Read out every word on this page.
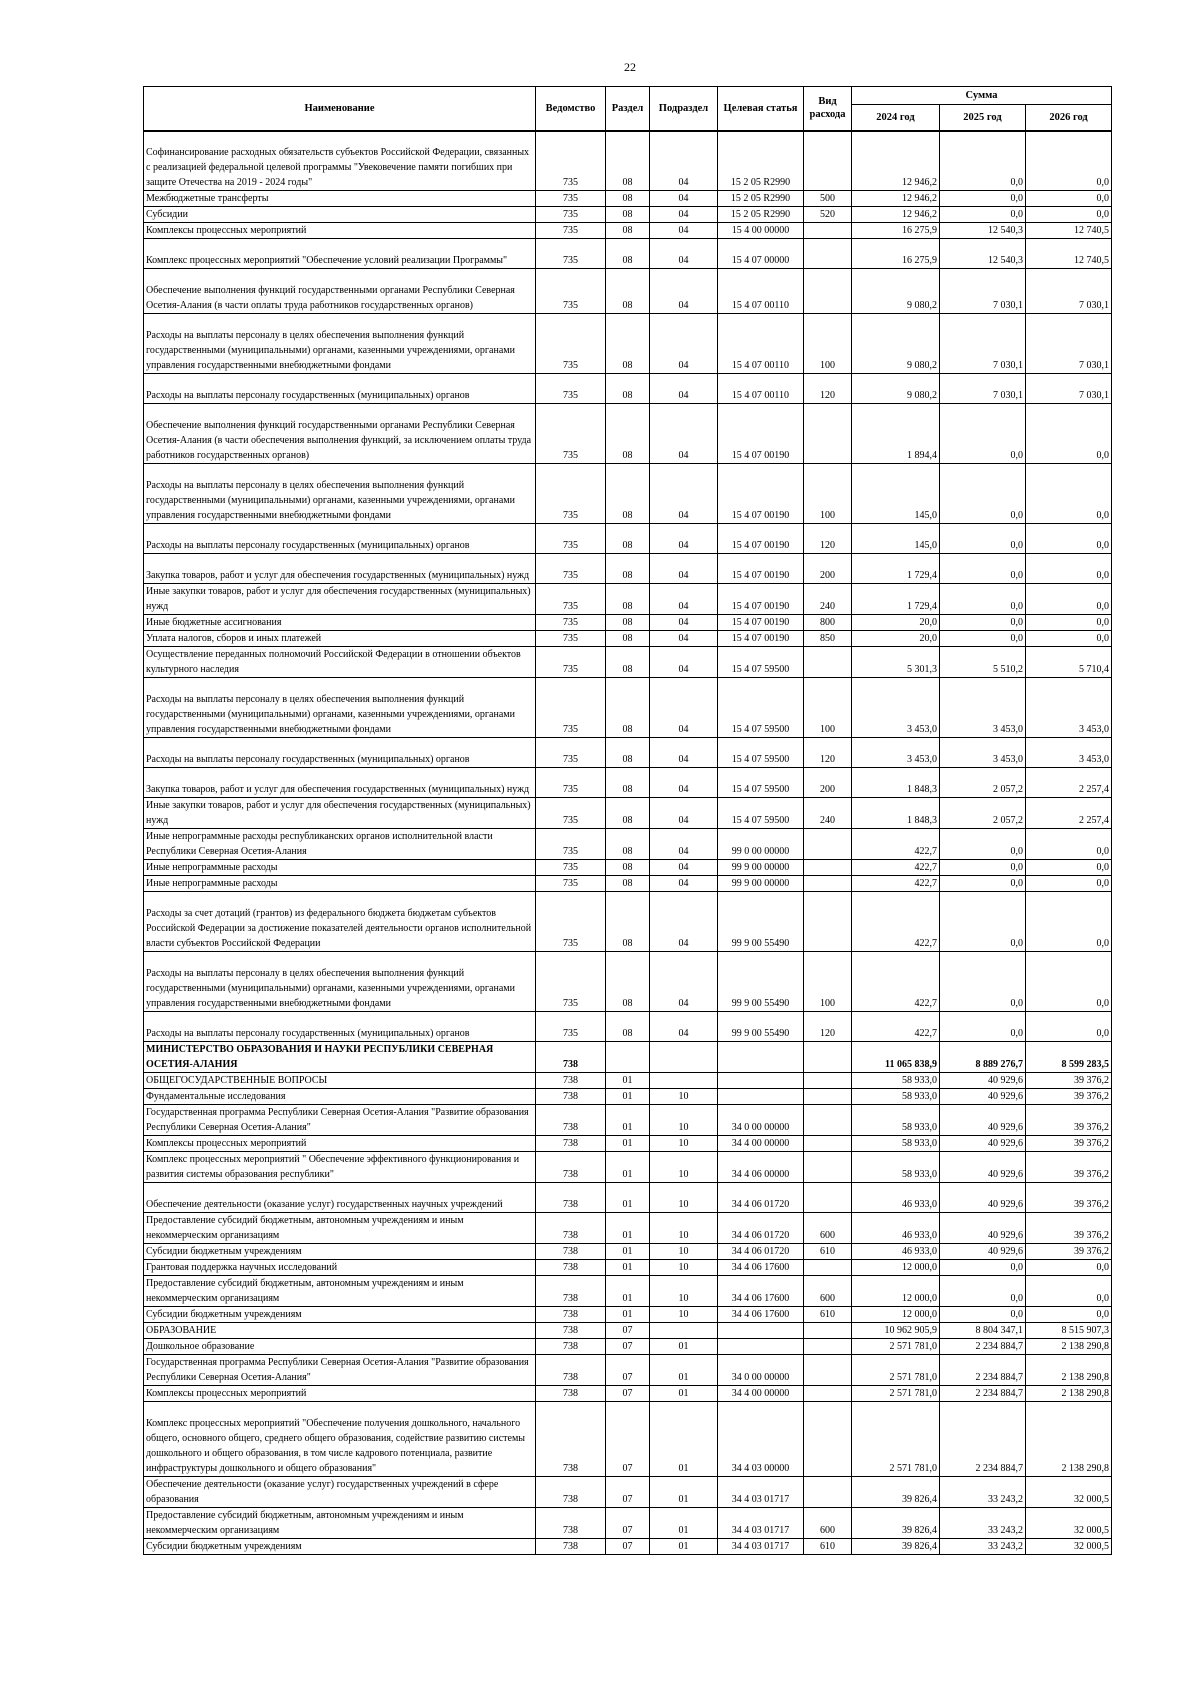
22
Наименование	Ведомство	Раздел	Подраздел	Целевая статья	Вид расхода	Сумма		
						2024 год	2025 год	2026 год
Софинансирование расходных обязательств субъектов Российской Федерации, связанных с реализацией федеральной целевой программы "Увековечение памяти погибших при защите Отечества на 2019 - 2024 годы"	735	08	04	15 2 05 R2990		12 946,2	0,0	0,0
Межбюджетные трансферты	735	08	04	15 2 05 R2990	500	12 946,2	0,0	0,0
Субсидии	735	08	04	15 2 05 R2990	520	12 946,2	0,0	0,0
Комплексы процессных мероприятий	735	08	04	15 4 00 00000		16 275,9	12 540,3	12 740,5
Комплекс процессных мероприятий "Обеспечение условий реализации Программы"	735	08	04	15 4 07 00000		16 275,9	12 540,3	12 740,5
Обеспечение выполнения функций государственными органами Республики Северная Осетия-Алания (в части оплаты труда работников государственных органов)	735	08	04	15 4 07 00110		9 080,2	7 030,1	7 030,1
Расходы на выплаты персоналу в целях обеспечения выполнения функций государственными (муниципальными) органами, казенными учреждениями, органами управления государственными внебюджетными фондами	735	08	04	15 4 07 00110	100	9 080,2	7 030,1	7 030,1
Расходы на выплаты персоналу государственных (муниципальных) органов	735	08	04	15 4 07 00110	120	9 080,2	7 030,1	7 030,1
Обеспечение выполнения функций государственными органами Республики Северная Осетия-Алания (в части обеспечения выполнения функций, за исключением оплаты труда работников государственных органов)	735	08	04	15 4 07 00190		1 894,4	0,0	0,0
Расходы на выплаты персоналу в целях обеспечения выполнения функций государственными (муниципальными) органами, казенными учреждениями, органами управления государственными внебюджетными фондами	735	08	04	15 4 07 00190	100	145,0	0,0	0,0
Расходы на выплаты персоналу государственных (муниципальных) органов	735	08	04	15 4 07 00190	120	145,0	0,0	0,0
Закупка товаров, работ и услуг для обеспечения государственных (муниципальных) нужд	735	08	04	15 4 07 00190	200	1 729,4	0,0	0,0
Иные закупки товаров, работ и услуг для обеспечения государственных (муниципальных) нужд	735	08	04	15 4 07 00190	240	1 729,4	0,0	0,0
Иные бюджетные ассигнования	735	08	04	15 4 07 00190	800	20,0	0,0	0,0
Уплата налогов, сборов и иных платежей	735	08	04	15 4 07 00190	850	20,0	0,0	0,0
Осуществление переданных полномочий Российской Федерации в отношении объектов культурного наследия	735	08	04	15 4 07 59500		5 301,3	5 510,2	5 710,4
Расходы на выплаты персоналу в целях обеспечения выполнения функций государственными (муниципальными) органами, казенными учреждениями, органами управления государственными внебюджетными фондами	735	08	04	15 4 07 59500	100	3 453,0	3 453,0	3 453,0
Расходы на выплаты персоналу государственных (муниципальных) органов	735	08	04	15 4 07 59500	120	3 453,0	3 453,0	3 453,0
Закупка товаров, работ и услуг для обеспечения государственных (муниципальных) нужд	735	08	04	15 4 07 59500	200	1 848,3	2 057,2	2 257,4
Иные закупки товаров, работ и услуг для обеспечения государственных (муниципальных) нужд	735	08	04	15 4 07 59500	240	1 848,3	2 057,2	2 257,4
Иные непрограммные расходы республиканских органов исполнительной власти Республики Северная Осетия-Алания	735	08	04	99 0 00 00000		422,7	0,0	0,0
Иные непрограммные расходы	735	08	04	99 9 00 00000		422,7	0,0	0,0
Иные непрограммные расходы	735	08	04	99 9 00 00000		422,7	0,0	0,0
Расходы за счет дотаций (грантов) из федерального бюджета бюджетам субъектов Российской Федерации за достижение показателей деятельности органов исполнительной власти субъектов Российской Федерации	735	08	04	99 9 00 55490		422,7	0,0	0,0
Расходы на выплаты персоналу в целях обеспечения выполнения функций государственными (муниципальными) органами, казенными учреждениями, органами управления государственными внебюджетными фондами	735	08	04	99 9 00 55490	100	422,7	0,0	0,0
Расходы на выплаты персоналу государственных (муниципальных) органов	735	08	04	99 9 00 55490	120	422,7	0,0	0,0
МИНИСТЕРСТВО ОБРАЗОВАНИЯ И НАУКИ РЕСПУБЛИКИ СЕВЕРНАЯ ОСЕТИЯ-АЛАНИЯ	738					11 065 838,9	8 889 276,7	8 599 283,5
ОБЩЕГОСУДАРСТВЕННЫЕ ВОПРОСЫ	738	01				58 933,0	40 929,6	39 376,2
Фундаментальные исследования	738	01	10			58 933,0	40 929,6	39 376,2
Государственная программа Республики Северная Осетия-Алания "Развитие образования Республики Северная Осетия-Алания"	738	01	10	34 0 00 00000		58 933,0	40 929,6	39 376,2
Комплексы процессных мероприятий	738	01	10	34 4 00 00000		58 933,0	40 929,6	39 376,2
Комплекс процессных мероприятий " Обеспечение эффективного функционирования и развития системы образования республики"	738	01	10	34 4 06 00000		58 933,0	40 929,6	39 376,2
Обеспечение деятельности (оказание услуг) государственных научных учреждений	738	01	10	34 4 06 01720		46 933,0	40 929,6	39 376,2
Предоставление субсидий бюджетным, автономным учреждениям и иным некоммерческим организациям	738	01	10	34 4 06 01720	600	46 933,0	40 929,6	39 376,2
Субсидии бюджетным учреждениям	738	01	10	34 4 06 01720	610	46 933,0	40 929,6	39 376,2
Грантовая поддержка научных исследований	738	01	10	34 4 06 17600		12 000,0	0,0	0,0
Предоставление субсидий бюджетным, автономным учреждениям и иным некоммерческим организациям	738	01	10	34 4 06 17600	600	12 000,0	0,0	0,0
Субсидии бюджетным учреждениям	738	01	10	34 4 06 17600	610	12 000,0	0,0	0,0
ОБРАЗОВАНИЕ	738	07				10 962 905,9	8 804 347,1	8 515 907,3
Дошкольное образование	738	07	01			2 571 781,0	2 234 884,7	2 138 290,8
Государственная программа Республики Северная Осетия-Алания "Развитие образования Республики Северная Осетия-Алания"	738	07	01	34 0 00 00000		2 571 781,0	2 234 884,7	2 138 290,8
Комплексы процессных мероприятий	738	07	01	34 4 00 00000		2 571 781,0	2 234 884,7	2 138 290,8
Комплекс процессных мероприятий "Обеспечение получения дошкольного, начального общего, основного общего, среднего общего образования, содействие развитию системы дошкольного и общего образования, в том числе кадрового потенциала, развитие инфраструктуры дошкольного и общего образования"	738	07	01	34 4 03 00000		2 571 781,0	2 234 884,7	2 138 290,8
Обеспечение деятельности (оказание услуг) государственных учреждений в сфере образования	738	07	01	34 4 03 01717		39 826,4	33 243,2	32 000,5
Предоставление субсидий бюджетным, автономным учреждениям и иным некоммерческим организациям	738	07	01	34 4 03 01717	600	39 826,4	33 243,2	32 000,5
Субсидии бюджетным учреждениям	738	07	01	34 4 03 01717	610	39 826,4	33 243,2	32 000,5
